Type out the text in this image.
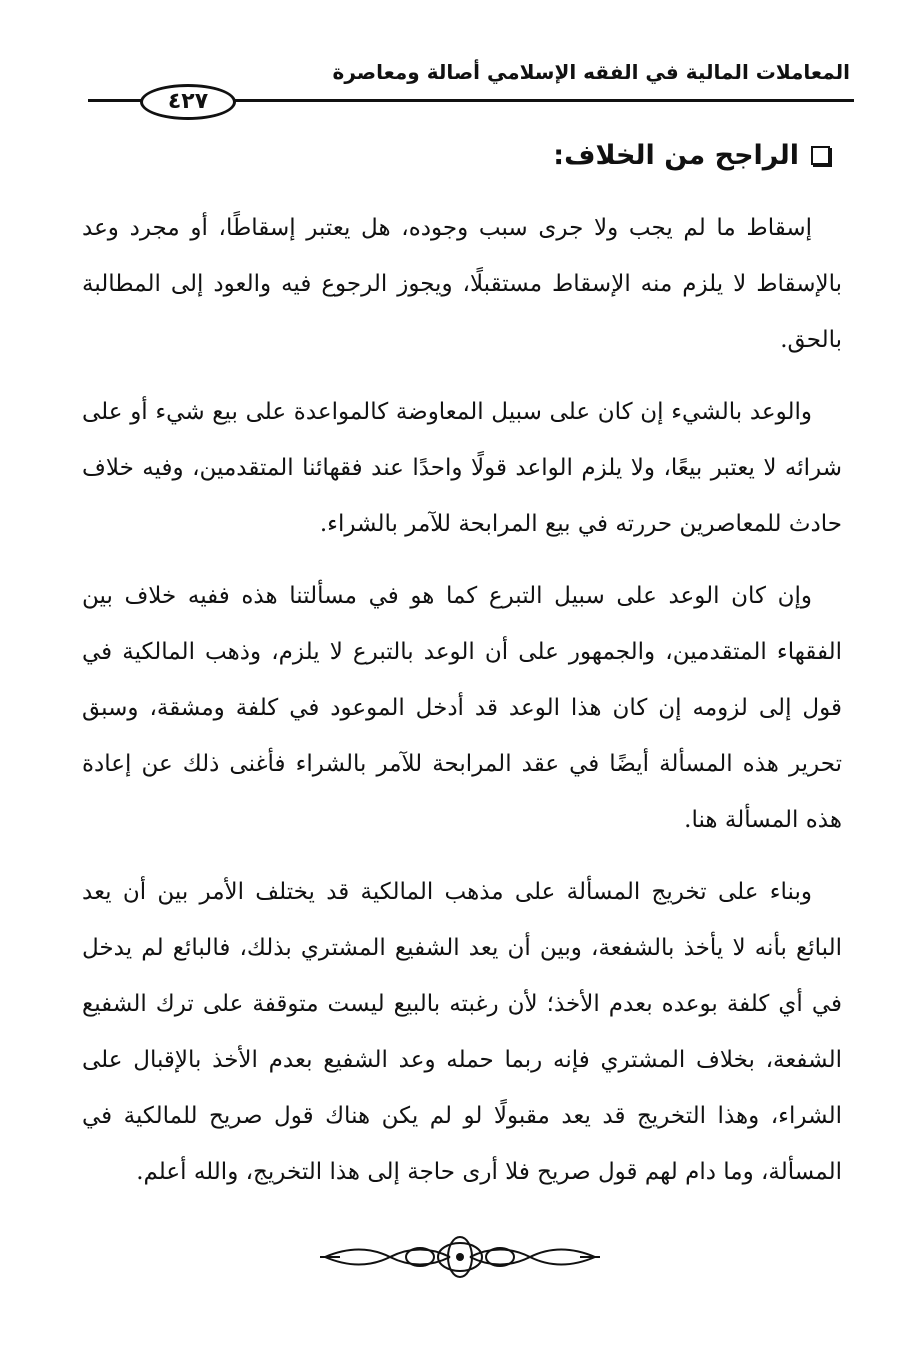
المعاملات المالية في الفقه الإسلامي أصالة ومعاصرة
٤٢٧
الراجح من الخلاف:

إسقاط ما لم يجب ولا جرى سبب وجوده، هل يعتبر إسقاطًا، أو مجرد وعد بالإسقاط لا يلزم منه الإسقاط مستقبلًا، ويجوز الرجوع فيه والعود إلى المطالبة بالحق.

والوعد بالشيء إن كان على سبيل المعاوضة كالمواعدة على بيع شيء أو على شرائه لا يعتبر بيعًا، ولا يلزم الواعد قولًا واحدًا عند فقهائنا المتقدمين، وفيه خلاف حادث للمعاصرين حررته في بيع المرابحة للآمر بالشراء.

وإن كان الوعد على سبيل التبرع كما هو في مسألتنا هذه ففيه خلاف بين الفقهاء المتقدمين، والجمهور على أن الوعد بالتبرع لا يلزم، وذهب المالكية في قول إلى لزومه إن كان هذا الوعد قد أدخل الموعود في كلفة ومشقة، وسبق تحرير هذه المسألة أيضًا في عقد المرابحة للآمر بالشراء فأغنى ذلك عن إعادة هذه المسألة هنا.

وبناء على تخريج المسألة على مذهب المالكية قد يختلف الأمر بين أن يعد البائع بأنه لا يأخذ بالشفعة، وبين أن يعد الشفيع المشتري بذلك، فالبائع لم يدخل في أي كلفة بوعده بعدم الأخذ؛ لأن رغبته بالبيع ليست متوقفة على ترك الشفيع الشفعة، بخلاف المشتري فإنه ربما حمله وعد الشفيع بعدم الأخذ بالإقبال على الشراء، وهذا التخريج قد يعد مقبولًا لو لم يكن هناك قول صريح للمالكية في المسألة، وما دام لهم قول صريح فلا أرى حاجة إلى هذا التخريج، والله أعلم.
